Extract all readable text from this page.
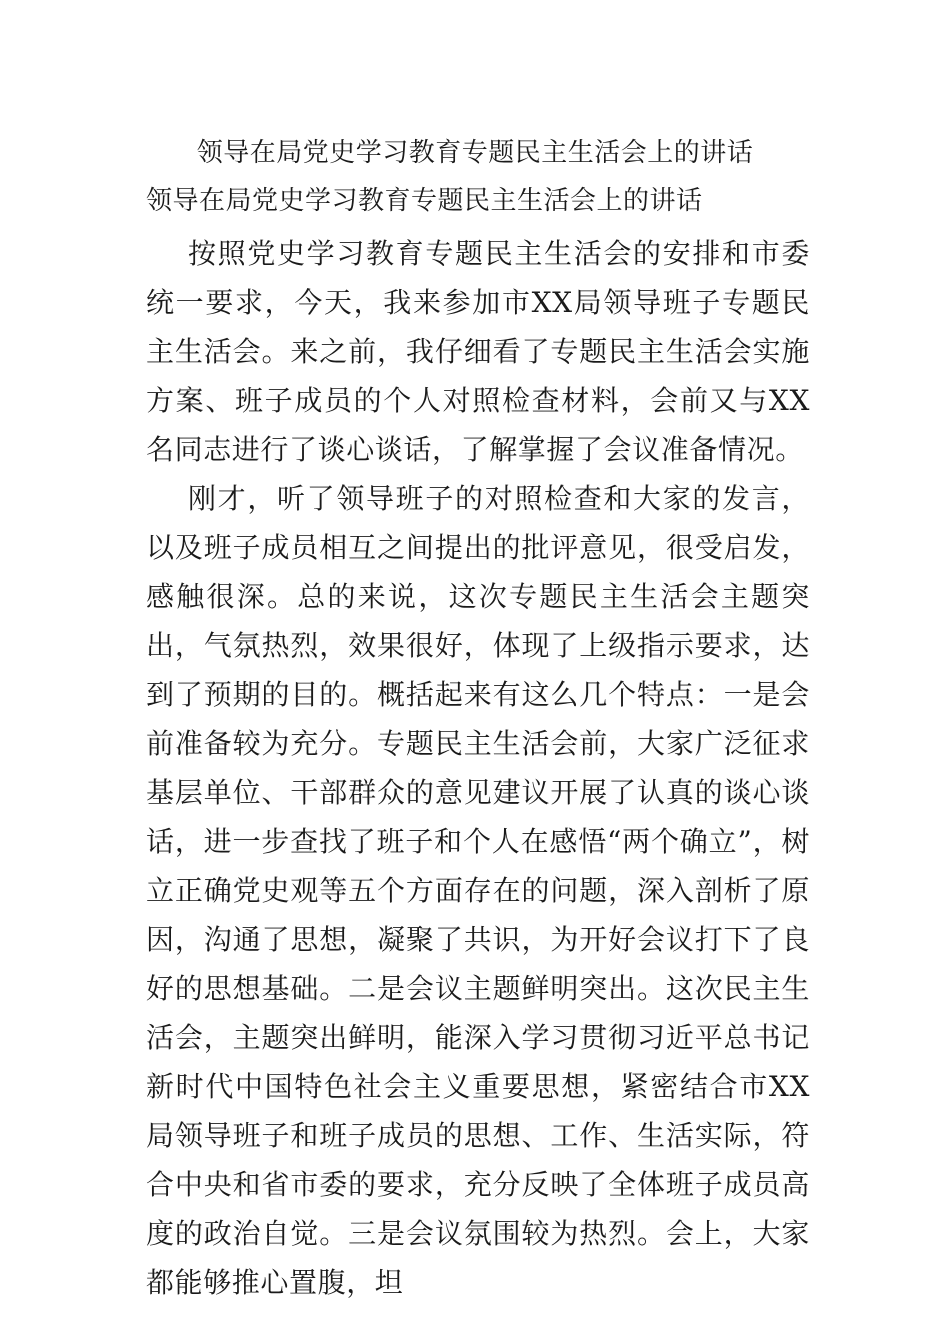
领导在局党史学习教育专题民主生活会上的讲话
领导在局党史学习教育专题民主生活会上的讲话

按照党史学习教育专题民主生活会的安排和市委统一要求，今天，我来参加市XX局领导班子专题民主生活会。来之前，我仔细看了专题民主生活会实施方案、班子成员的个人对照检查材料，会前又与XX名同志进行了谈心谈话，了解掌握了会议准备情况。

刚才，听了领导班子的对照检查和大家的发言，以及班子成员相互之间提出的批评意见，很受启发，感触很深。总的来说，这次专题民主生活会主题突出，气氛热烈，效果很好，体现了上级指示要求，达到了预期的目的。概括起来有这么几个特点：一是会前准备较为充分。专题民主生活会前，大家广泛征求基层单位、干部群众的意见建议开展了认真的谈心谈话，进一步查找了班子和个人在感悟“两个确立”，树立正确党史观等五个方面存在的问题，深入剖析了原因，沟通了思想，凝聚了共识，为开好会议打下了良好的思想基础。二是会议主题鲜明突出。这次民主生活会，主题突出鲜明，能深入学习贯彻习近平总书记新时代中国特色社会主义重要思想，紧密结合市XX局领导班子和班子成员的思想、工作、生活实际，符合中央和省市委的要求，充分反映了全体班子成员高度的政治自觉。三是会议氛围较为热烈。会上，大家都能够推心置腹，坦
